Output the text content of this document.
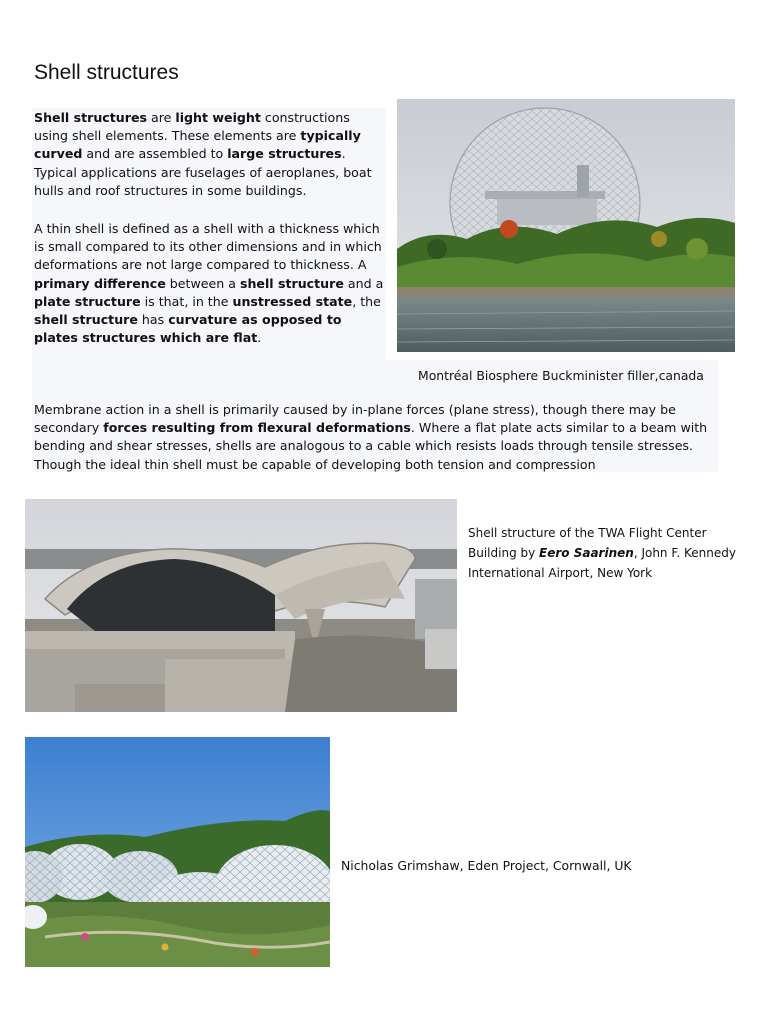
Shell structures

Shell structures are light weight constructions using shell elements. These elements are typically curved and are assembled to large structures. Typical applications are fuselages of aeroplanes, boat hulls and roof structures in some buildings.

A thin shell is defined as a shell with a thickness which is small compared to its other dimensions and in which deformations are not large compared to thickness. A primary difference between a shell structure and a plate structure is that, in the unstressed state, the shell structure has curvature as opposed to plates structures which are flat.

Montréal Biosphere Buckminister filler,canada

Membrane action in a shell is primarily caused by in-plane forces (plane stress), though there may be secondary forces resulting from flexural deformations. Where a flat plate acts similar to a beam with bending and shear stresses, shells are analogous to a cable which resists loads through tensile stresses. Though the ideal thin shell must be capable of developing both tension and compression

Shell structure of the TWA Flight Center Building by Eero Saarinen, John F. Kennedy International Airport, New York

Nicholas Grimshaw, Eden Project, Cornwall, UK
